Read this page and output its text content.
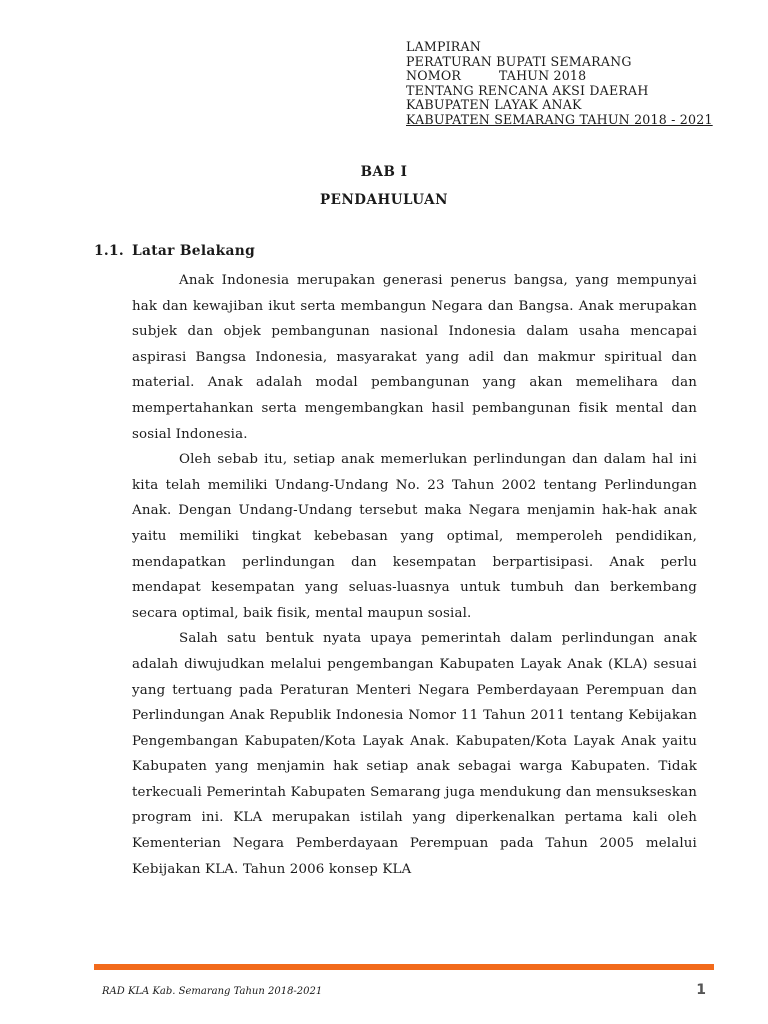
LAMPIRAN
PERATURAN BUPATI SEMARANG
NOMOR         TAHUN 2018
TENTANG RENCANA AKSI DAERAH
KABUPATEN LAYAK ANAK
KABUPATEN SEMARANG TAHUN 2018 - 2021
BAB I
PENDAHULUAN
1.1. Latar Belakang

Anak Indonesia merupakan generasi penerus bangsa, yang mempunyai hak dan kewajiban ikut serta membangun Negara dan Bangsa. Anak merupakan subjek dan objek pembangunan nasional Indonesia dalam usaha mencapai aspirasi Bangsa Indonesia, masyarakat yang adil dan makmur spiritual dan material. Anak adalah modal pembangunan yang akan memelihara dan mempertahankan serta mengembangkan hasil pembangunan fisik mental dan sosial Indonesia.

Oleh sebab itu, setiap anak memerlukan perlindungan dan dalam hal ini kita telah memiliki Undang-Undang No. 23 Tahun 2002 tentang Perlindungan Anak. Dengan Undang-Undang tersebut maka Negara menjamin hak-hak anak yaitu memiliki tingkat kebebasan yang optimal, memperoleh pendidikan, mendapatkan perlindungan dan kesempatan berpartisipasi. Anak perlu mendapat kesempatan yang seluas-luasnya untuk tumbuh dan berkembang secara optimal, baik fisik, mental maupun sosial.

Salah satu bentuk nyata upaya pemerintah dalam perlindungan anak adalah diwujudkan melalui pengembangan Kabupaten Layak Anak (KLA) sesuai yang tertuang pada Peraturan Menteri Negara Pemberdayaan Perempuan dan Perlindungan Anak Republik Indonesia Nomor 11 Tahun 2011 tentang Kebijakan Pengembangan Kabupaten/Kota Layak Anak. Kabupaten/Kota Layak Anak yaitu Kabupaten yang menjamin hak setiap anak sebagai warga Kabupaten. Tidak terkecuali Pemerintah Kabupaten Semarang juga mendukung dan mensukseskan program ini. KLA merupakan istilah yang diperkenalkan pertama kali oleh Kementerian Negara Pemberdayaan Perempuan pada Tahun 2005 melalui Kebijakan KLA. Tahun 2006 konsep KLA

RAD KLA Kab. Semarang Tahun 2018-2021	1
